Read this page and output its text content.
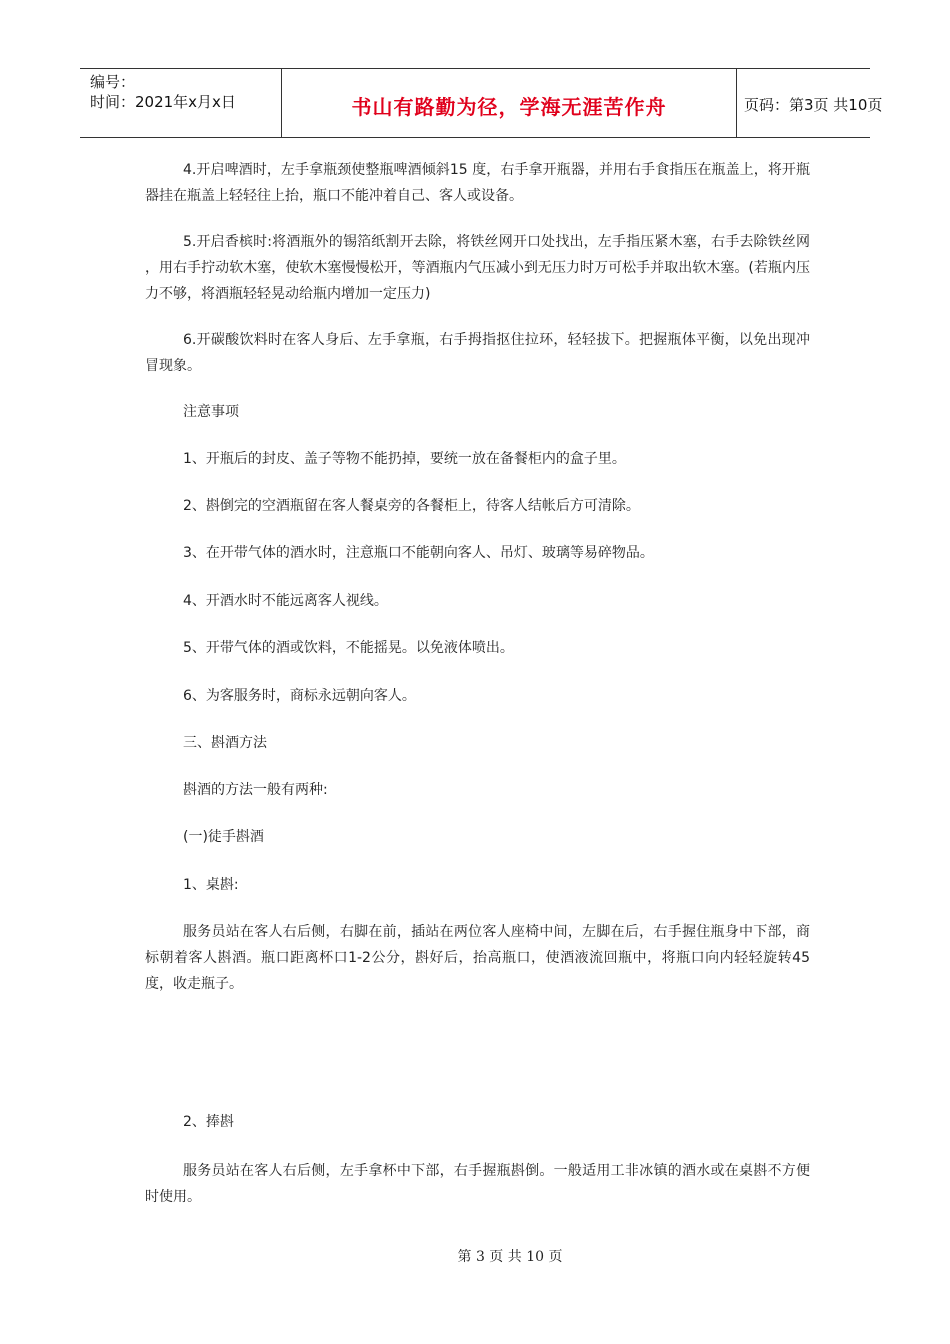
编号：
时间：2021年x月x日	书山有路勤为径，学海无涯苦作舟	页码：第3页 共10页

4.开启啤酒时，左手拿瓶颈使整瓶啤酒倾斜15 度，右手拿开瓶器，并用右手食指压在瓶盖上，将开瓶器挂在瓶盖上轻轻往上抬，瓶口不能冲着自己、客人或设备。

5.开启香槟时:将酒瓶外的锡箔纸割开去除，将铁丝网开口处找出，左手指压紧木塞，右手去除铁丝网 ，用右手拧动软木塞，使软木塞慢慢松开，等酒瓶内气压减小到无压力时万可松手并取出软木塞。(若瓶内压力不够，将酒瓶轻轻晃动给瓶内增加一定压力)

6.开碳酸饮料时在客人身后、左手拿瓶，右手拇指抠住拉环，轻轻拔下。把握瓶体平衡，以免出现冲冒现象。

注意事项

1、开瓶后的封皮、盖子等物不能扔掉，要统一放在备餐柜内的盒子里。

2、斟倒完的空酒瓶留在客人餐桌旁的各餐柜上，待客人结帐后方可清除。

3、在开带气体的酒水时，注意瓶口不能朝向客人、吊灯、玻璃等易碎物品。

4、开酒水时不能远离客人视线。

5、开带气体的酒或饮料，不能摇晃。以免液体喷出。

6、为客服务时，商标永远朝向客人。

三、斟酒方法

斟酒的方法一般有两种:

(一)徒手斟酒

1、桌斟:

服务员站在客人右后侧，右脚在前，插站在两位客人座椅中间，左脚在后，右手握住瓶身中下部，商标朝着客人斟酒。瓶口距离杯口1-2公分，斟好后，抬高瓶口，使酒液流回瓶中，将瓶口向内轻轻旋转45度，收走瓶子。

2、捧斟

服务员站在客人右后侧，左手拿杯中下部，右手握瓶斟倒。一般适用工非冰镇的酒水或在桌斟不方便时使用。

第 3 页 共 10 页
